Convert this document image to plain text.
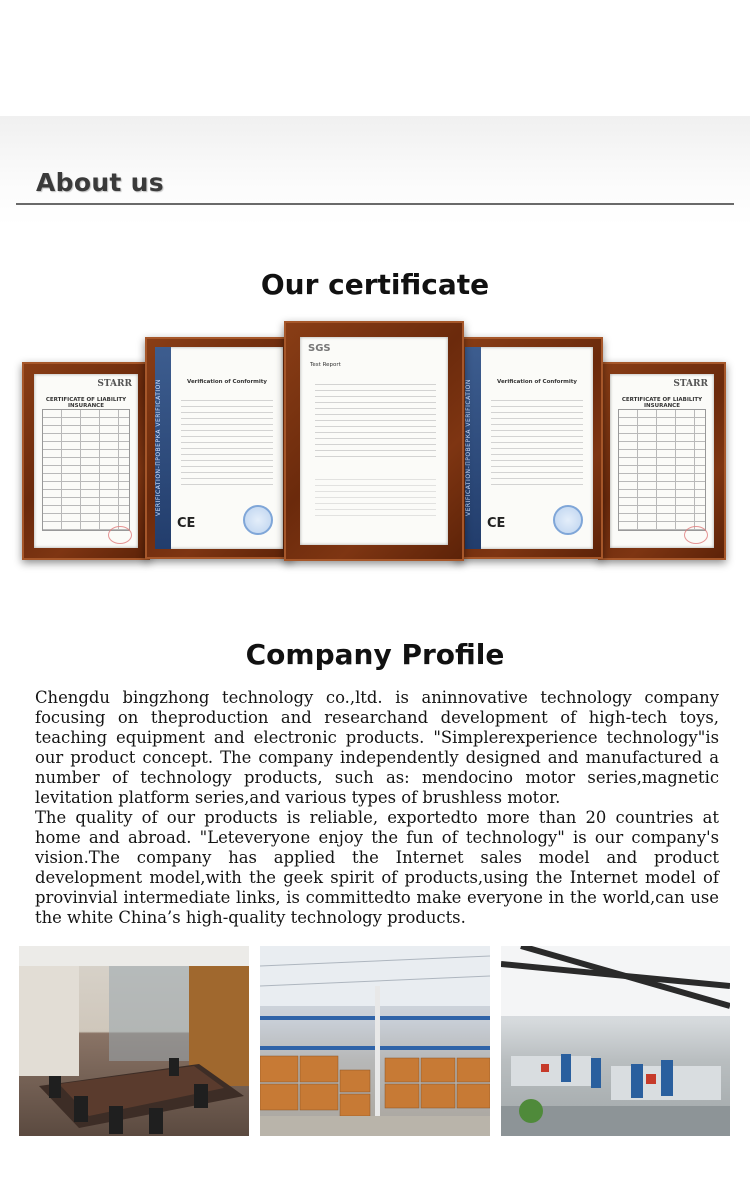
About us
Our certificate
STARR
CERTIFICATE OF LIABILITY INSURANCE
STARR
CERTIFICATE OF LIABILITY INSURANCE
VERIFICATION-ПРОВЕРКА VERIFICATION	Verification of Conformity
CE
VERIFICATION-ПРОВЕРКА VERIFICATION	Verification of Conformity
CE
SGS
Test Report
Company Profile

Chengdu bingzhong technology co.,ltd. is aninnovative technology company focusing on theproduction and researchand development of high-tech toys, teaching equipment and electronic products. "Simplerexperience technology"is our product concept. The company independently designed and manufactured a number of technology products, such as: mendocino motor series,magnetic levitation platform series,and various types of brushless motor.
The quality of our products is reliable, exportedto more than 20 countries at home and abroad. "Leteveryone enjoy the fun of technology" is our company's vision.The company has applied the Internet sales model and product development model,with the geek spirit of products,using the Internet model of provinvial intermediate links, is committedto make everyone in the world,can use the white China’s high-quality technology products.
